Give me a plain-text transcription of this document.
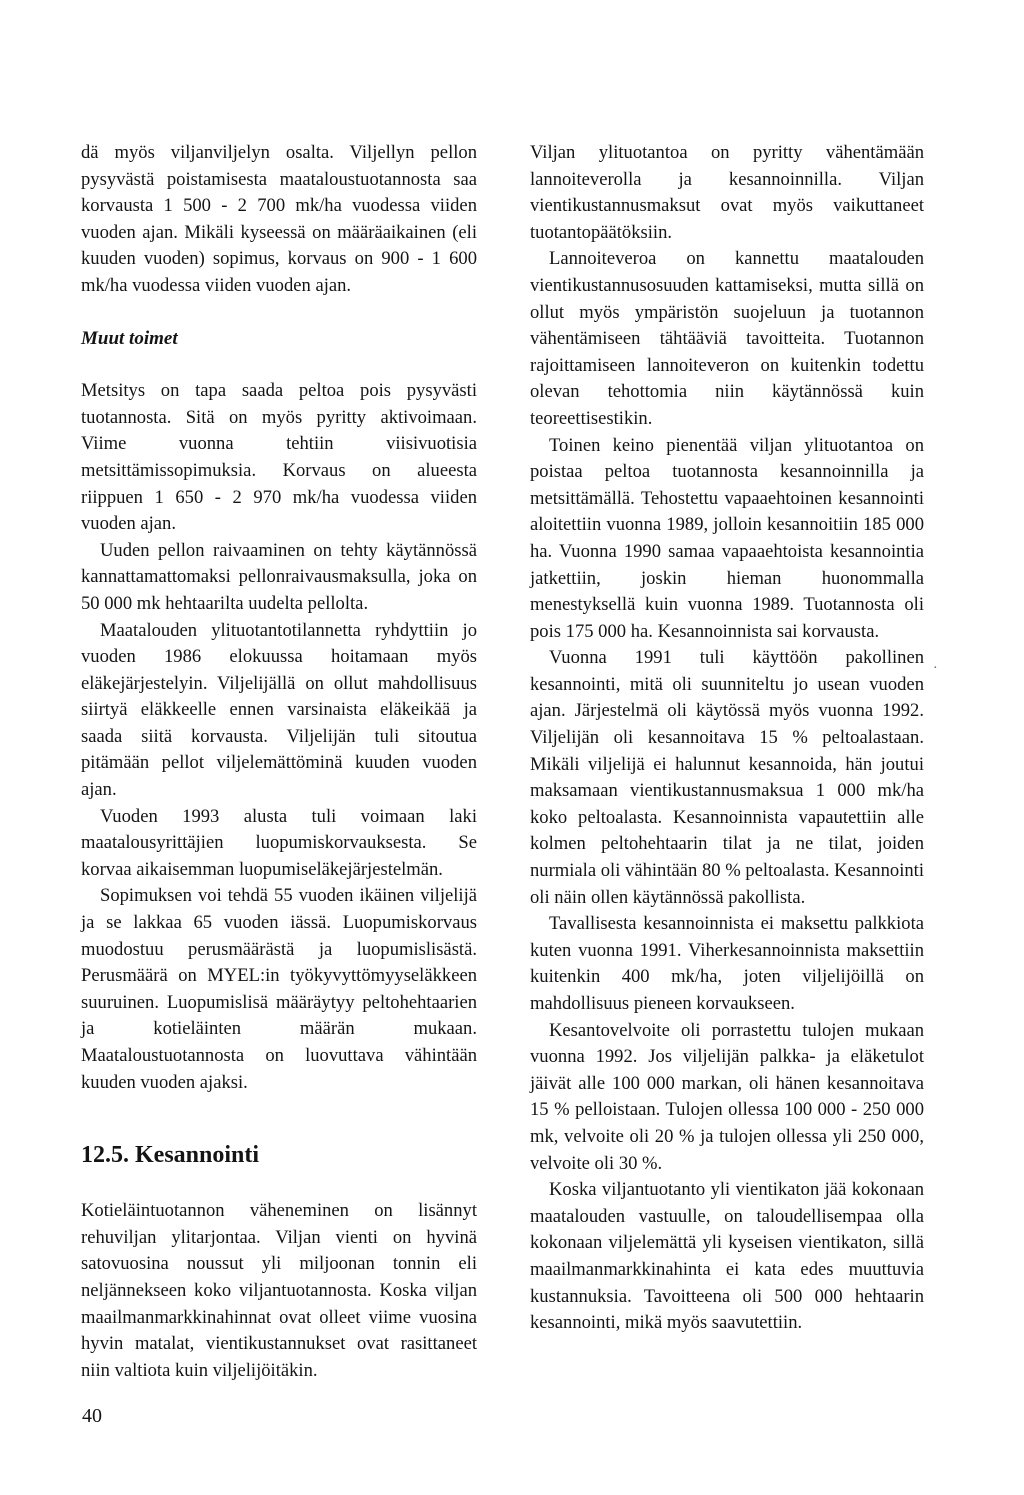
dä myös viljanviljelyn osalta. Viljellyn pellon pysyvästä poistamisesta maataloustuotannosta saa korvausta 1 500 - 2 700 mk/ha vuodessa viiden vuoden ajan. Mikäli kyseessä on määräaikainen (eli kuuden vuoden) sopimus, korvaus on 900 - 1 600 mk/ha vuodessa viiden vuoden ajan.

Muut toimet

Metsitys on tapa saada peltoa pois pysyvästi tuotannosta. Sitä on myös pyritty aktivoimaan. Viime vuonna tehtiin viisivuotisia metsittämissopimuksia. Korvaus on alueesta riippuen 1 650 - 2 970 mk/ha vuodessa viiden vuoden ajan.

Uuden pellon raivaaminen on tehty käytännössä kannattamattomaksi pellonraivausmaksulla, joka on 50 000 mk hehtaarilta uudelta pellolta.

Maatalouden ylituotantotilannetta ryhdyttiin jo vuoden 1986 elokuussa hoitamaan myös eläkejärjestelyin. Viljelijällä on ollut mahdollisuus siirtyä eläkkeelle ennen varsinaista eläkeikää ja saada siitä korvausta. Viljelijän tuli sitoutua pitämään pellot viljelemättöminä kuuden vuoden ajan.

Vuoden 1993 alusta tuli voimaan laki maatalousyrittäjien luopumiskorvauksesta. Se korvaa aikaisemman luopumiseläkejärjestelmän.

Sopimuksen voi tehdä 55 vuoden ikäinen viljelijä ja se lakkaa 65 vuoden iässä. Luopumiskorvaus muodostuu perusmäärästä ja luopumislisästä. Perusmäärä on MYEL:in työkyvyttömyyseläkkeen suuruinen. Luopumislisä määräytyy peltohehtaarien ja kotieläinten määrän mukaan. Maataloustuotannosta on luovuttava vähintään kuuden vuoden ajaksi.

12.5. Kesannointi

Kotieläintuotannon väheneminen on lisännyt rehuviljan ylitarjontaa. Viljan vienti on hyvinä satovuosina noussut yli miljoonan tonnin eli neljännekseen koko viljantuotannosta. Koska viljan maailmanmarkkinahinnat ovat olleet viime vuosina hyvin matalat, vientikustannukset ovat rasittaneet niin valtiota kuin viljelijöitäkin.

Viljan ylituotantoa on pyritty vähentämään lannoiteverolla ja kesannoinnilla. Viljan vientikustannusmaksut ovat myös vaikuttaneet tuotantopäätöksiin.

Lannoiteveroa on kannettu maatalouden vientikustannusosuuden kattamiseksi, mutta sillä on ollut myös ympäristön suojeluun ja tuotannon vähentämiseen tähtääviä tavoitteita. Tuotannon rajoittamiseen lannoiteveron on kuitenkin todettu olevan tehottomia niin käytännössä kuin teoreettisestikin.

Toinen keino pienentää viljan ylituotantoa on poistaa peltoa tuotannosta kesannoinnilla ja metsittämällä. Tehostettu vapaaehtoinen kesannointi aloitettiin vuonna 1989, jolloin kesannoitiin 185 000 ha. Vuonna 1990 samaa vapaaehtoista kesannointia jatkettiin, joskin hieman huonommalla menestyksellä kuin vuonna 1989. Tuotannosta oli pois 175 000 ha. Kesannoinnista sai korvausta.

Vuonna 1991 tuli käyttöön pakollinen kesannointi, mitä oli suunniteltu jo usean vuoden ajan. Järjestelmä oli käytössä myös vuonna 1992. Viljelijän oli kesannoitava 15 % peltoalastaan. Mikäli viljelijä ei halunnut kesannoida, hän joutui maksamaan vientikustannusmaksua 1 000 mk/ha koko peltoalasta. Kesannoinnista vapautettiin alle kolmen peltohehtaarin tilat ja ne tilat, joiden nurmiala oli vähintään 80 % peltoalasta. Kesannointi oli näin ollen käytännössä pakollista.

Tavallisesta kesannoinnista ei maksettu palkkiota kuten vuonna 1991. Viherkesannoinnista maksettiin kuitenkin 400 mk/ha, joten viljelijöillä on mahdollisuus pieneen korvaukseen.

Kesantovelvoite oli porrastettu tulojen mukaan vuonna 1992. Jos viljelijän palkka- ja eläketulot jäivät alle 100 000 markan, oli hänen kesannoitava 15 % pelloistaan. Tulojen ollessa 100 000 - 250 000 mk, velvoite oli 20 % ja tulojen ollessa yli 250 000, velvoite oli 30 %.

Koska viljantuotanto yli vientikaton jää kokonaan maatalouden vastuulle, on taloudellisempaa olla kokonaan viljelemättä yli kyseisen vientikaton, sillä maailmanmarkkinahinta ei kata edes muuttuvia kustannuksia. Tavoitteena oli 500 000 hehtaarin kesannointi, mikä myös saavutettiin.

·
40
